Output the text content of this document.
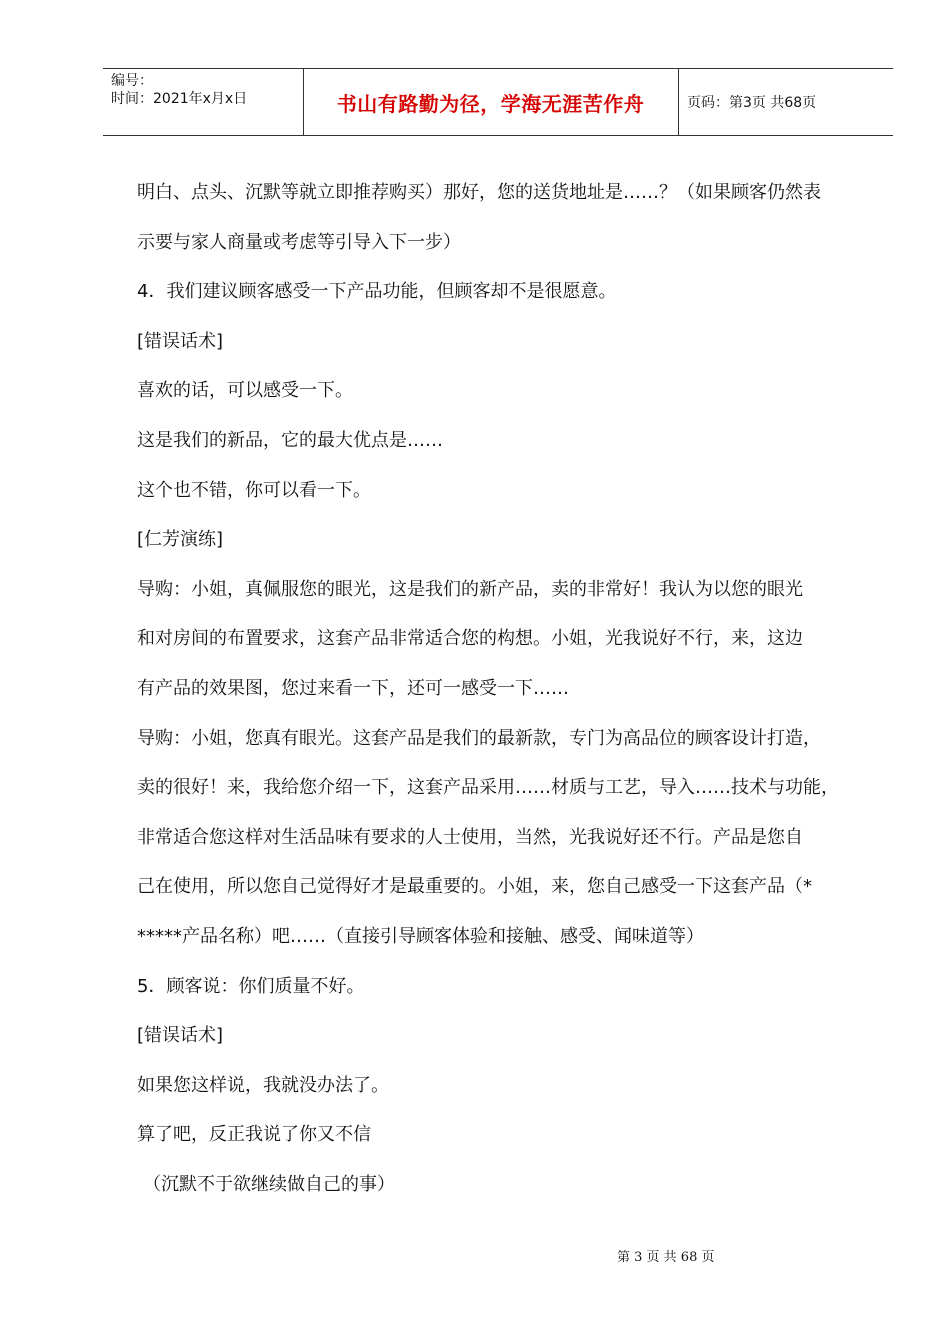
编号：
时间：2021年x月x日	书山有路勤为径，学海无涯苦作舟	页码：第3页 共68页

明白、点头、沉默等就立即推荐购买）那好，您的送货地址是……？（如果顾客仍然表

示要与家人商量或考虑等引导入下一步）

4．我们建议顾客感受一下产品功能，但顾客却不是很愿意。

[错误话术]

喜欢的话，可以感受一下。

这是我们的新品，它的最大优点是……

这个也不错，你可以看一下。

[仁芳演练]

导购：小姐，真佩服您的眼光，这是我们的新产品，卖的非常好！我认为以您的眼光

和对房间的布置要求，这套产品非常适合您的构想。小姐，光我说好不行，来，这边

有产品的效果图，您过来看一下，还可一感受一下……

导购：小姐，您真有眼光。这套产品是我们的最新款，专门为高品位的顾客设计打造，

卖的很好！来，我给您介绍一下，这套产品采用……材质与工艺，导入……技术与功能，

非常适合您这样对生活品味有要求的人士使用，当然，光我说好还不行。产品是您自

己在使用，所以您自己觉得好才是最重要的。小姐，来，您自己感受一下这套产品（*

*****产品名称）吧……（直接引导顾客体验和接触、感受、闻味道等）

5．顾客说：你们质量不好。

[错误话术]

如果您这样说，我就没办法了。

算了吧，反正我说了你又不信

（沉默不于欲继续做自己的事）

第 3 页 共 68 页
